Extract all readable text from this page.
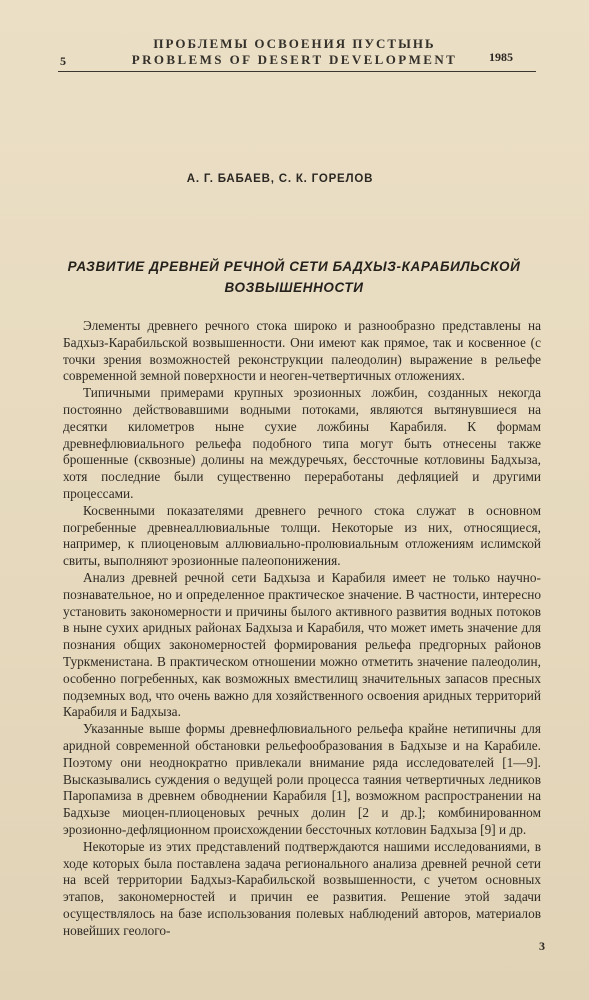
ПРОБЛЕМЫ ОСВОЕНИЯ ПУСТЫНЬ
PROBLEMS OF DESERT DEVELOPMENT
5	1985
А. Г. БАБАЕВ, С. К. ГОРЕЛОВ
РАЗВИТИЕ ДРЕВНЕЙ РЕЧНОЙ СЕТИ БАДХЫЗ-КАРАБИЛЬСКОЙ
ВОЗВЫШЕННОСТИ

Элементы древнего речного стока широко и разнообразно представлены на Бадхыз-Карабильской возвышенности. Они имеют как прямое, так и косвенное (с точки зрения возможностей реконструкции палеодолин) выражение в рельефе современной земной поверхности и неоген-четвертичных отложениях.

Типичными примерами крупных эрозионных ложбин, созданных некогда постоянно действовавшими водными потоками, являются вытянувшиеся на десятки километров ныне сухие ложбины Карабиля. К формам древнефлювиального рельефа подобного типа могут быть отнесены также брошенные (сквозные) долины на междуречьях, бессточные котловины Бадхыза, хотя последние были существенно переработаны дефляцией и другими процессами.

Косвенными показателями древнего речного стока служат в основном погребенные древнеаллювиальные толщи. Некоторые из них, относящиеся, например, к плиоценовым аллювиально-пролювиальным отложениям ислимской свиты, выполняют эрозионные палеопонижения.

Анализ древней речной сети Бадхыза и Карабиля имеет не только научно-познавательное, но и определенное практическое значение. В частности, интересно установить закономерности и причины былого активного развития водных потоков в ныне сухих аридных районах Бадхыза и Карабиля, что может иметь значение для познания общих закономерностей формирования рельефа предгорных районов Туркменистана. В практическом отношении можно отметить значение палеодолин, особенно погребенных, как возможных вместилищ значительных запасов пресных подземных вод, что очень важно для хозяйственного освоения аридных территорий Карабиля и Бадхыза.

Указанные выше формы древнефлювиального рельефа крайне нетипичны для аридной современной обстановки рельефообразования в Бадхызе и на Карабиле. Поэтому они неоднократно привлекали внимание ряда исследователей [1—9]. Высказывались суждения о ведущей роли процесса таяния четвертичных ледников Паропамиза в древнем обводнении Карабиля [1], возможном распространении на Бадхызе миоцен-плиоценовых речных долин [2 и др.]; комбинированном эрозионно-дефляционном происхождении бессточных котловин Бадхыза [9] и др.

Некоторые из этих представлений подтверждаются нашими исследованиями, в ходе которых была поставлена задача регионального анализа древней речной сети на всей территории Бадхыз-Карабильской возвышенности, с учетом основных этапов, закономерностей и причин ее развития. Решение этой задачи осуществлялось на базе использования полевых наблюдений авторов, материалов новейших геолого-

3
